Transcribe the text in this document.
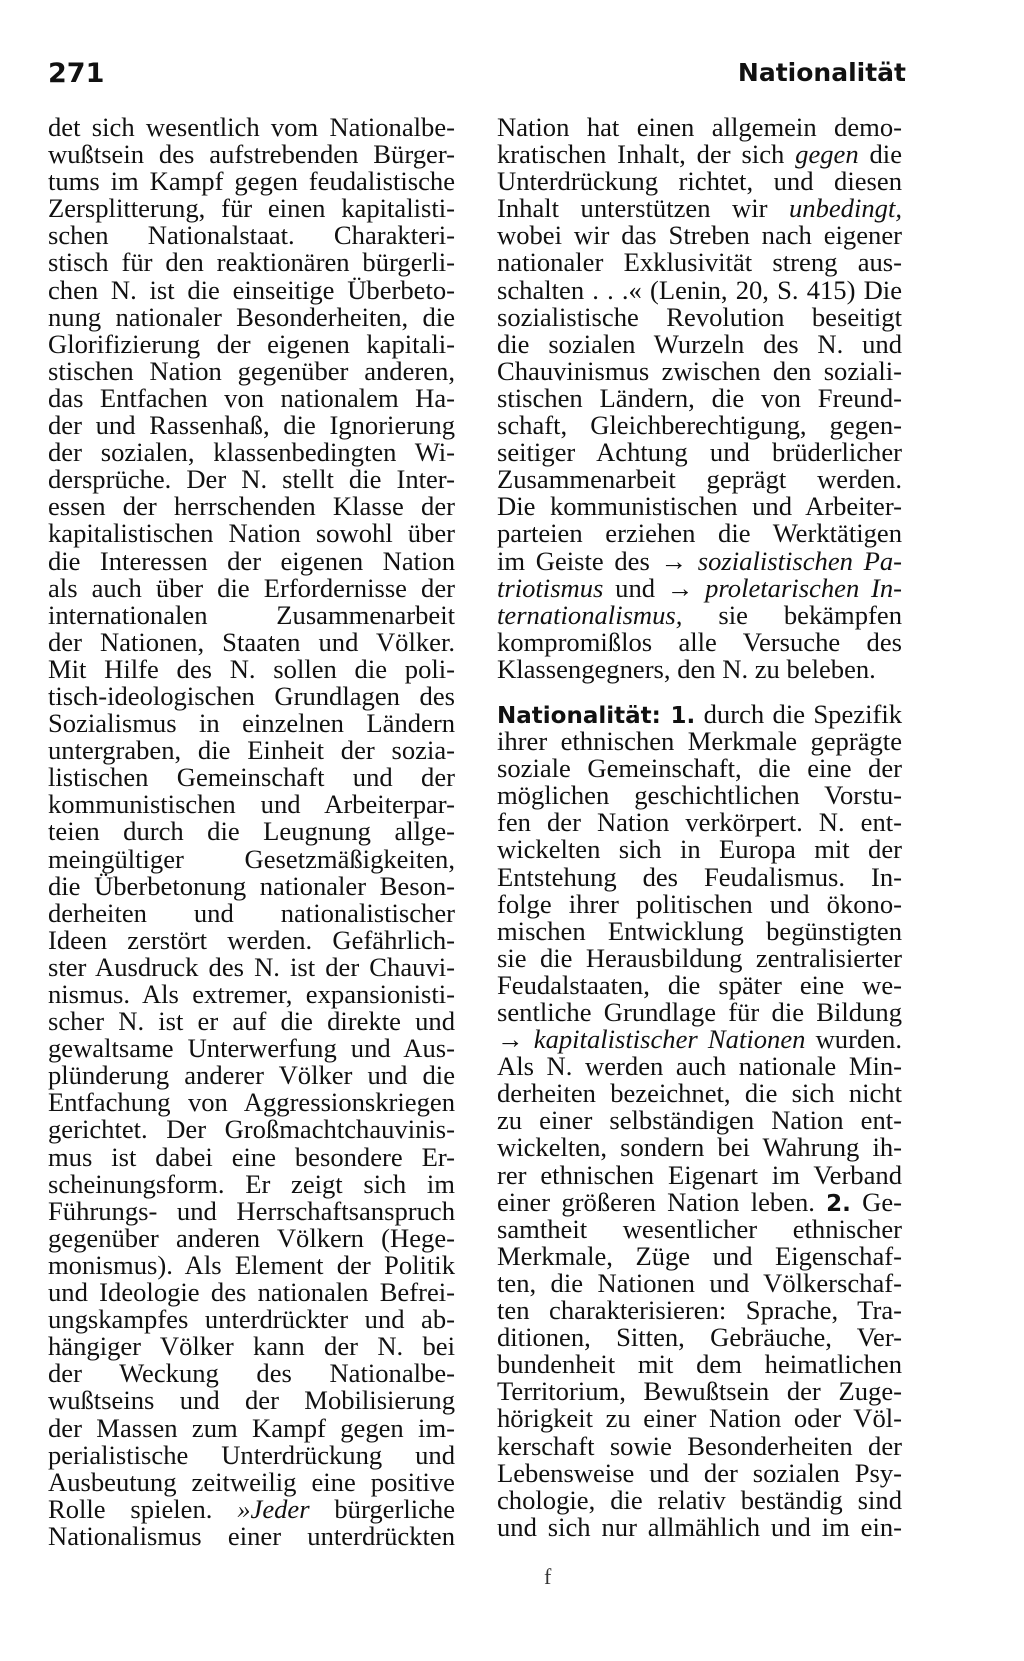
271	Nationalität
det sich wesentlich vom Nationalbe-
wußtsein des aufstrebenden Bürger-
tums im Kampf gegen feudalistische
Zersplitterung, für einen kapitalisti-
schen Nationalstaat. Charakteri-
stisch für den reaktionären bürgerli-
chen N. ist die einseitige Überbeto-
nung nationaler Besonderheiten, die
Glorifizierung der eigenen kapitali-
stischen Nation gegenüber anderen,
das Entfachen von nationalem Ha-
der und Rassenhaß, die Ignorierung
der sozialen, klassenbedingten Wi-
dersprüche. Der N. stellt die Inter-
essen der herrschenden Klasse der
kapitalistischen Nation sowohl über
die Interessen der eigenen Nation
als auch über die Erfordernisse der
internationalen Zusammenarbeit
der Nationen, Staaten und Völker.
Mit Hilfe des N. sollen die poli-
tisch-ideologischen Grundlagen des
Sozialismus in einzelnen Ländern
untergraben, die Einheit der sozia-
listischen Gemeinschaft und der
kommunistischen und Arbeiterpar-
teien durch die Leugnung allge-
meingültiger Gesetzmäßigkeiten,
die Überbetonung nationaler Beson-
derheiten und nationalistischer
Ideen zerstört werden. Gefährlich-
ster Ausdruck des N. ist der Chauvi-
nismus. Als extremer, expansionisti-
scher N. ist er auf die direkte und
gewaltsame Unterwerfung und Aus-
plünderung anderer Völker und die
Entfachung von Aggressionskriegen
gerichtet. Der Großmachtchauvinis-
mus ist dabei eine besondere Er-
scheinungsform. Er zeigt sich im
Führungs- und Herrschaftsanspruch
gegenüber anderen Völkern (Hege-
monismus). Als Element der Politik
und Ideologie des nationalen Befrei-
ungskampfes unterdrückter und ab-
hängiger Völker kann der N. bei
der Weckung des Nationalbe-
wußtseins und der Mobilisierung
der Massen zum Kampf gegen im-
perialistische Unterdrückung und
Ausbeutung zeitweilig eine positive
Rolle spielen. »Jeder bürgerliche
Nationalismus einer unterdrückten
Nation hat einen allgemein demo-
kratischen Inhalt, der sich gegen die
Unterdrückung richtet, und diesen
Inhalt unterstützen wir unbedingt,
wobei wir das Streben nach eigener
nationaler Exklusivität streng aus-
schalten . . .« (Lenin, 20, S. 415) Die
sozialistische Revolution beseitigt
die sozialen Wurzeln des N. und
Chauvinismus zwischen den soziali-
stischen Ländern, die von Freund-
schaft, Gleichberechtigung, gegen-
seitiger Achtung und brüderlicher
Zusammenarbeit geprägt werden.
Die kommunistischen und Arbeiter-
parteien erziehen die Werktätigen
im Geiste des → sozialistischen Pa-
triotismus und → proletarischen In-
ternationalismus, sie bekämpfen
kompromißlos alle Versuche des
Klassengegners, den N. zu beleben.
Nationalität: 1. durch die Spezifik
ihrer ethnischen Merkmale geprägte
soziale Gemeinschaft, die eine der
möglichen geschichtlichen Vorstu-
fen der Nation verkörpert. N. ent-
wickelten sich in Europa mit der
Entstehung des Feudalismus. In-
folge ihrer politischen und ökono-
mischen Entwicklung begünstigten
sie die Herausbildung zentralisierter
Feudalstaaten, die später eine we-
sentliche Grundlage für die Bildung
→ kapitalistischer Nationen wurden.
Als N. werden auch nationale Min-
derheiten bezeichnet, die sich nicht
zu einer selbständigen Nation ent-
wickelten, sondern bei Wahrung ih-
rer ethnischen Eigenart im Verband
einer größeren Nation leben. 2. Ge-
samtheit wesentlicher ethnischer
Merkmale, Züge und Eigenschaf-
ten, die Nationen und Völkerschaf-
ten charakterisieren: Sprache, Tra-
ditionen, Sitten, Gebräuche, Ver-
bundenheit mit dem heimatlichen
Territorium, Bewußtsein der Zuge-
hörigkeit zu einer Nation oder Völ-
kerschaft sowie Besonderheiten der
Lebensweise und der sozialen Psy-
chologie, die relativ beständig sind
und sich nur allmählich und im ein-
f
